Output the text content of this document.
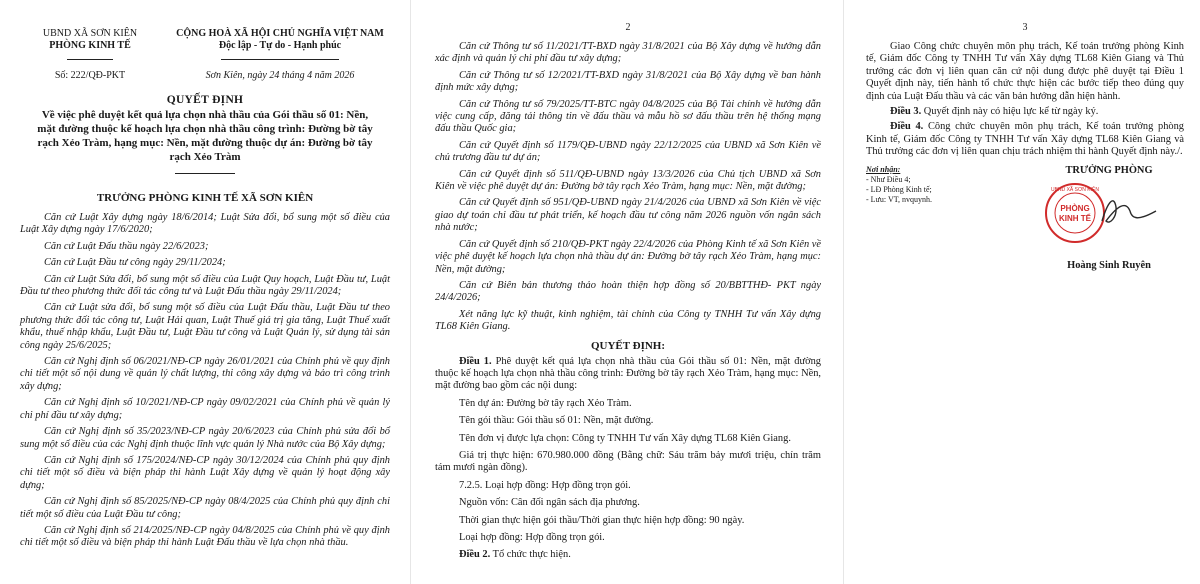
UBND XÃ SƠN KIÊN
PHÒNG KINH TẾ
Số: 222/QĐ-PKT
CỘNG HOÀ XÃ HỘI CHỦ NGHĨA VIỆT NAM
Độc lập - Tự do - Hạnh phúc
Sơn Kiên, ngày 24 tháng 4 năm 2026
QUYẾT ĐỊNH
Về việc phê duyệt kết quả lựa chọn nhà thầu của Gói thầu số 01: Nền,
mặt đường thuộc kế hoạch lựa chọn nhà thầu công trình: Đường bờ tây
rạch Xẻo Tràm, hạng mục: Nền, mặt đường thuộc dự án: Đường bờ tây
rạch Xẻo Tràm
TRƯỞNG PHÒNG KINH TẾ XÃ SƠN KIÊN

Căn cứ Luật Xây dựng ngày 18/6/2014; Luật Sửa đổi, bổ sung một số điều của Luật Xây dựng ngày 17/6/2020;

Căn cứ Luật Đấu thầu ngày 22/6/2023;

Căn cứ Luật Đầu tư công ngày 29/11/2024;

Căn cứ Luật Sửa đổi, bổ sung một số điều của Luật Quy hoạch, Luật Đầu tư, Luật Đầu tư theo phương thức đối tác công tư và Luật Đấu thầu ngày 29/11/2024;

Căn cứ Luật sửa đổi, bổ sung một số điều của Luật Đấu thầu, Luật Đầu tư theo phương thức đối tác công tư, Luật Hải quan, Luật Thuế giá trị gia tăng, Luật Thuế xuất khẩu, thuế nhập khẩu, Luật Đầu tư, Luật Đầu tư công và Luật Quản lý, sử dụng tài sản công ngày 25/6/2025;

Căn cứ Nghị định số 06/2021/NĐ-CP ngày 26/01/2021 của Chính phủ về quy định chi tiết một số nội dung về quản lý chất lượng, thi công xây dựng và bảo trì công trình xây dựng;

Căn cứ Nghị định số 10/2021/NĐ-CP ngày 09/02/2021 của Chính phủ về quản lý chi phí đầu tư xây dựng;

Căn cứ Nghị định số 35/2023/NĐ-CP ngày 20/6/2023 của Chính phủ sửa đổi bổ sung một số điều của các Nghị định thuộc lĩnh vực quản lý Nhà nước của Bộ Xây dựng;

Căn cứ Nghị định số 175/2024/NĐ-CP ngày 30/12/2024 của Chính phủ quy định chi tiết một số điều và biện pháp thi hành Luật Xây dựng về quản lý hoạt động xây dựng;

Căn cứ Nghị định số 85/2025/NĐ-CP ngày 08/4/2025 của Chính phủ quy định chi tiết một số điều của Luật Đầu tư công;

Căn cứ Nghị định số 214/2025/NĐ-CP ngày 04/8/2025 của Chính phủ về quy định chi tiết một số điều và biện pháp thi hành Luật Đấu thầu về lựa chọn nhà thầu.

2

Căn cứ Thông tư số 11/2021/TT-BXD ngày 31/8/2021 của Bộ Xây dựng về hướng dẫn xác định và quản lý chi phí đầu tư xây dựng;

Căn cứ Thông tư số 12/2021/TT-BXD ngày 31/8/2021 của Bộ Xây dựng về ban hành định mức xây dựng;

Căn cứ Thông tư số 79/2025/TT-BTC ngày 04/8/2025 của Bộ Tài chính về hướng dẫn việc cung cấp, đăng tải thông tin về đấu thầu và mẫu hồ sơ đấu thầu trên hệ thống mạng đấu thầu Quốc gia;

Căn cứ Quyết định số 1179/QĐ-UBND ngày 22/12/2025 của UBND xã Sơn Kiên về chủ trương đầu tư dự án;

Căn cứ Quyết định số 511/QĐ-UBND ngày 13/3/2026 của Chủ tịch UBND xã Sơn Kiên về việc phê duyệt dự án: Đường bờ tây rạch Xẻo Tràm, hạng mục: Nền, mặt đường;

Căn cứ Quyết định số 951/QĐ-UBND ngày 21/4/2026 của UBND xã Sơn Kiên về việc giao dự toán chi đầu tư phát triển, kế hoạch đầu tư công năm 2026 nguồn vốn ngân sách nhà nước;

Căn cứ Quyết định số 210/QĐ-PKT ngày 22/4/2026 của Phòng Kinh tế xã Sơn Kiên về việc phê duyệt kế hoạch lựa chọn nhà thầu dự án: Đường bờ tây rạch Xẻo Tràm, hạng mục: Nền, mặt đường;

Căn cứ Biên bản thương thảo hoàn thiện hợp đồng số 20/BBTTHĐ- PKT ngày 24/4/2026;

Xét năng lực kỹ thuật, kinh nghiệm, tài chính của Công ty TNHH Tư vấn Xây dựng TL68 Kiên Giang.

QUYẾT ĐỊNH:

Điều 1. Phê duyệt kết quả lựa chọn nhà thầu của Gói thầu số 01: Nền, mặt đường thuộc kế hoạch lựa chọn nhà thầu công trình: Đường bờ tây rạch Xẻo Tràm, hạng mục: Nền, mặt đường bao gồm các nội dung:

Tên dự án: Đường bờ tây rạch Xẻo Tràm.
Tên gói thầu: Gói thầu số 01: Nền, mặt đường.
Tên đơn vị được lựa chọn: Công ty TNHH Tư vấn Xây dựng TL68 Kiên Giang.
Giá trị thực hiện: 670.980.000 đồng (Bằng chữ: Sáu trăm bảy mươi triệu, chín trăm tám mươi ngàn đồng).
7.2.5. Loại hợp đồng: Hợp đồng trọn gói.
Nguồn vốn: Cân đối ngân sách địa phương.
Thời gian thực hiện gói thầu/Thời gian thực hiện hợp đồng: 90 ngày.
Loại hợp đồng: Hợp đồng trọn gói.
Điều 2. Tổ chức thực hiện.
3

Giao Công chức chuyên môn phụ trách, Kế toán trưởng phòng Kinh tế, Giám đốc Công ty TNHH Tư vấn Xây dựng TL68 Kiên Giang và Thủ trưởng các đơn vị liên quan căn cứ nội dung được phê duyệt tại Điều 1 Quyết định này, tiến hành tổ chức thực hiện các bước tiếp theo đúng quy định của Luật Đấu thầu và các văn bản hướng dẫn hiện hành.

Điều 3. Quyết định này có hiệu lực kể từ ngày ký.

Điều 4. Công chức chuyên môn phụ trách, Kế toán trưởng phòng Kinh tế, Giám đốc Công ty TNHH Tư vấn Xây dựng TL68 Kiên Giang và Thủ trưởng các đơn vị liên quan chịu trách nhiệm thi hành Quyết định này./.

Nơi nhận:
- Như Điều 4;
- LĐ Phòng Kinh tế;
- Lưu: VT, nvquynh.
TRƯỞNG PHÒNG
PHÒNG
KINH TẾ
UBND XÃ SƠN KIÊN
Hoàng Sinh Ruyên
